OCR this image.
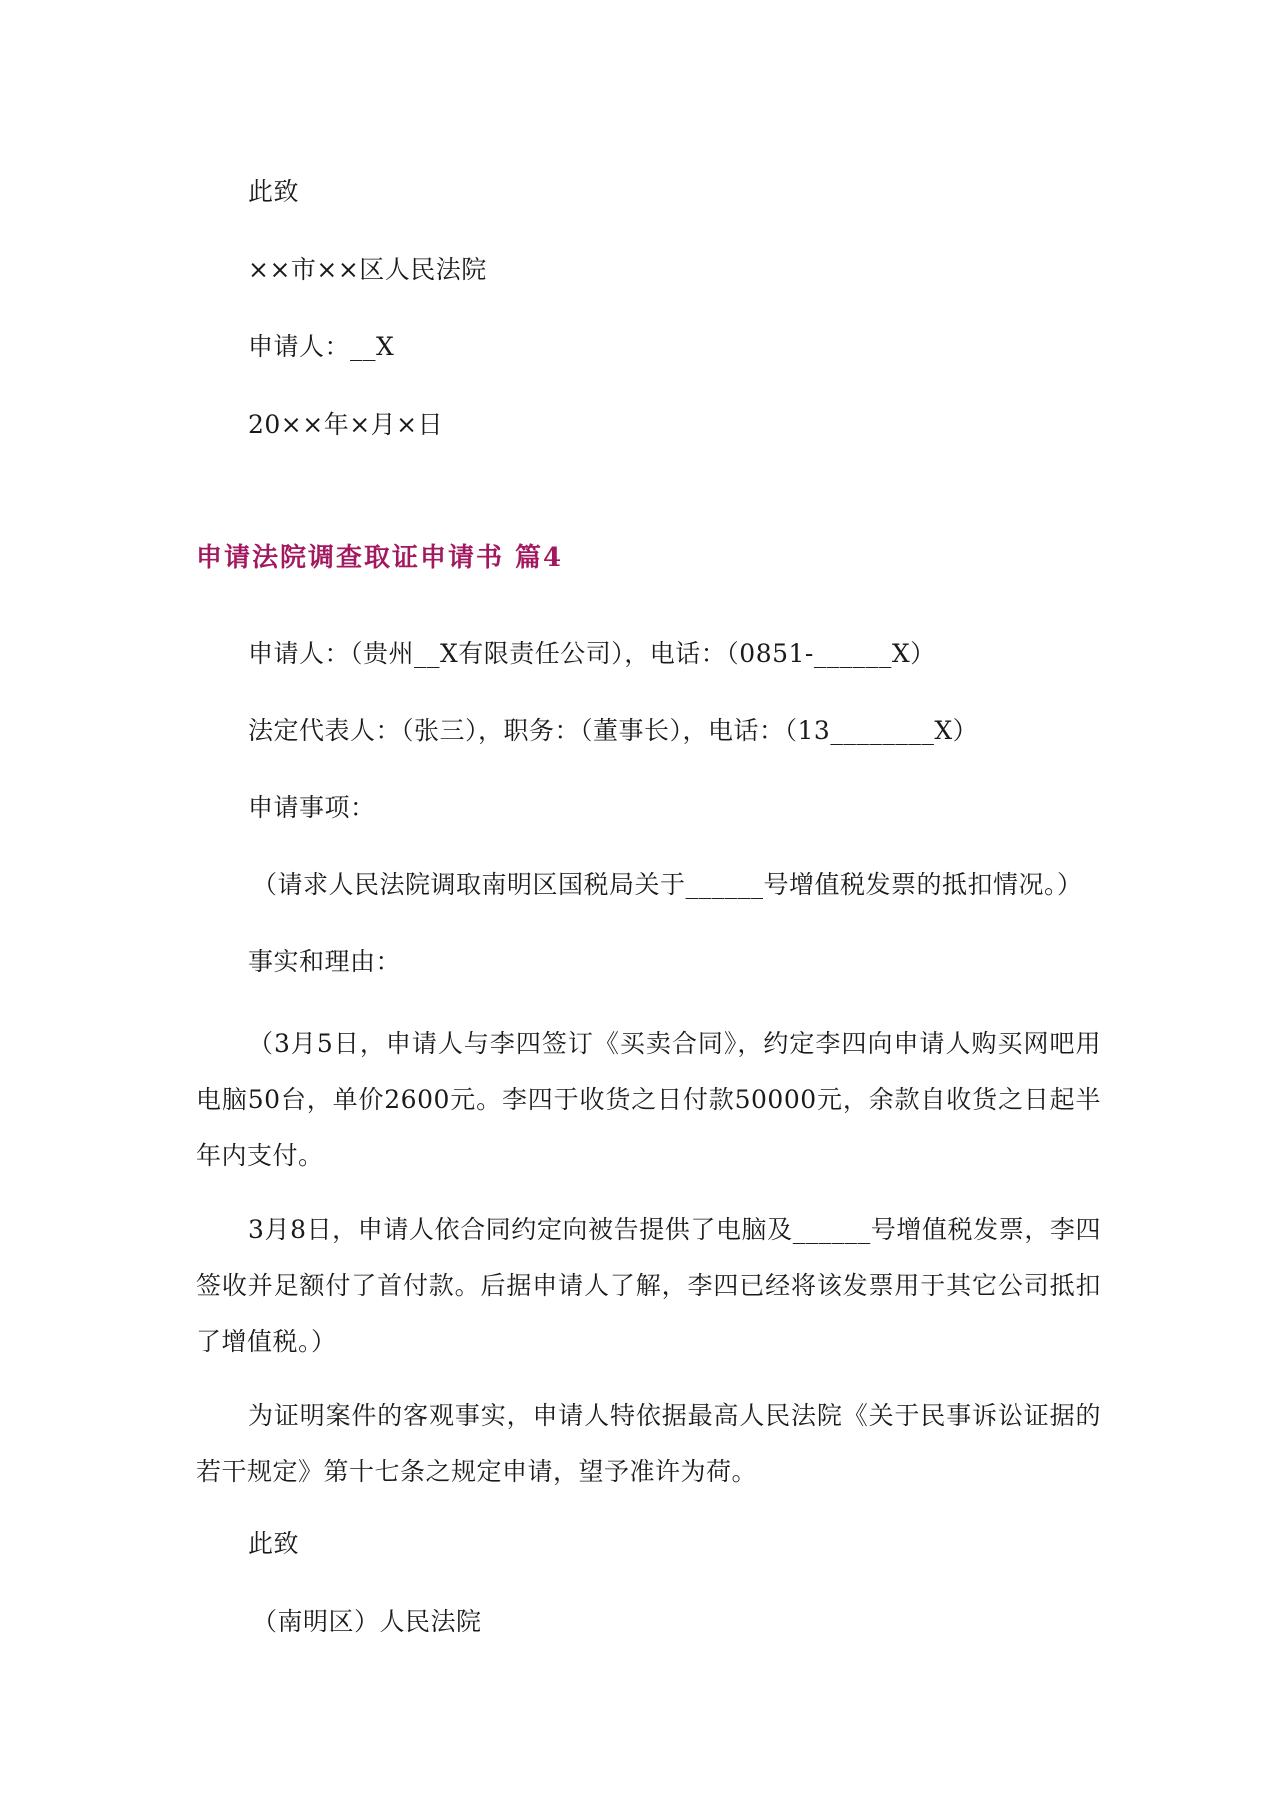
此致
××市××区人民法院
申请人：__X
20××年×月×日
申请法院调查取证申请书 篇4
申请人：（贵州__X有限责任公司），电话：（0851-______X）
法定代表人：（张三），职务：（董事长），电话：（13________X）
申请事项：
（请求人民法院调取南明区国税局关于______号增值税发票的抵扣情况。）
事实和理由：
（3月5日，申请人与李四签订《买卖合同》，约定李四向申请人购买网吧用电脑50台，单价2600元。李四于收货之日付款50000元，余款自收货之日起半年内支付。
3月8日，申请人依合同约定向被告提供了电脑及______号增值税发票，李四签收并足额付了首付款。后据申请人了解，李四已经将该发票用于其它公司抵扣了增值税。）
为证明案件的客观事实，申请人特依据最高人民法院《关于民事诉讼证据的若干规定》第十七条之规定申请，望予准许为荷。
此致
（南明区）人民法院
